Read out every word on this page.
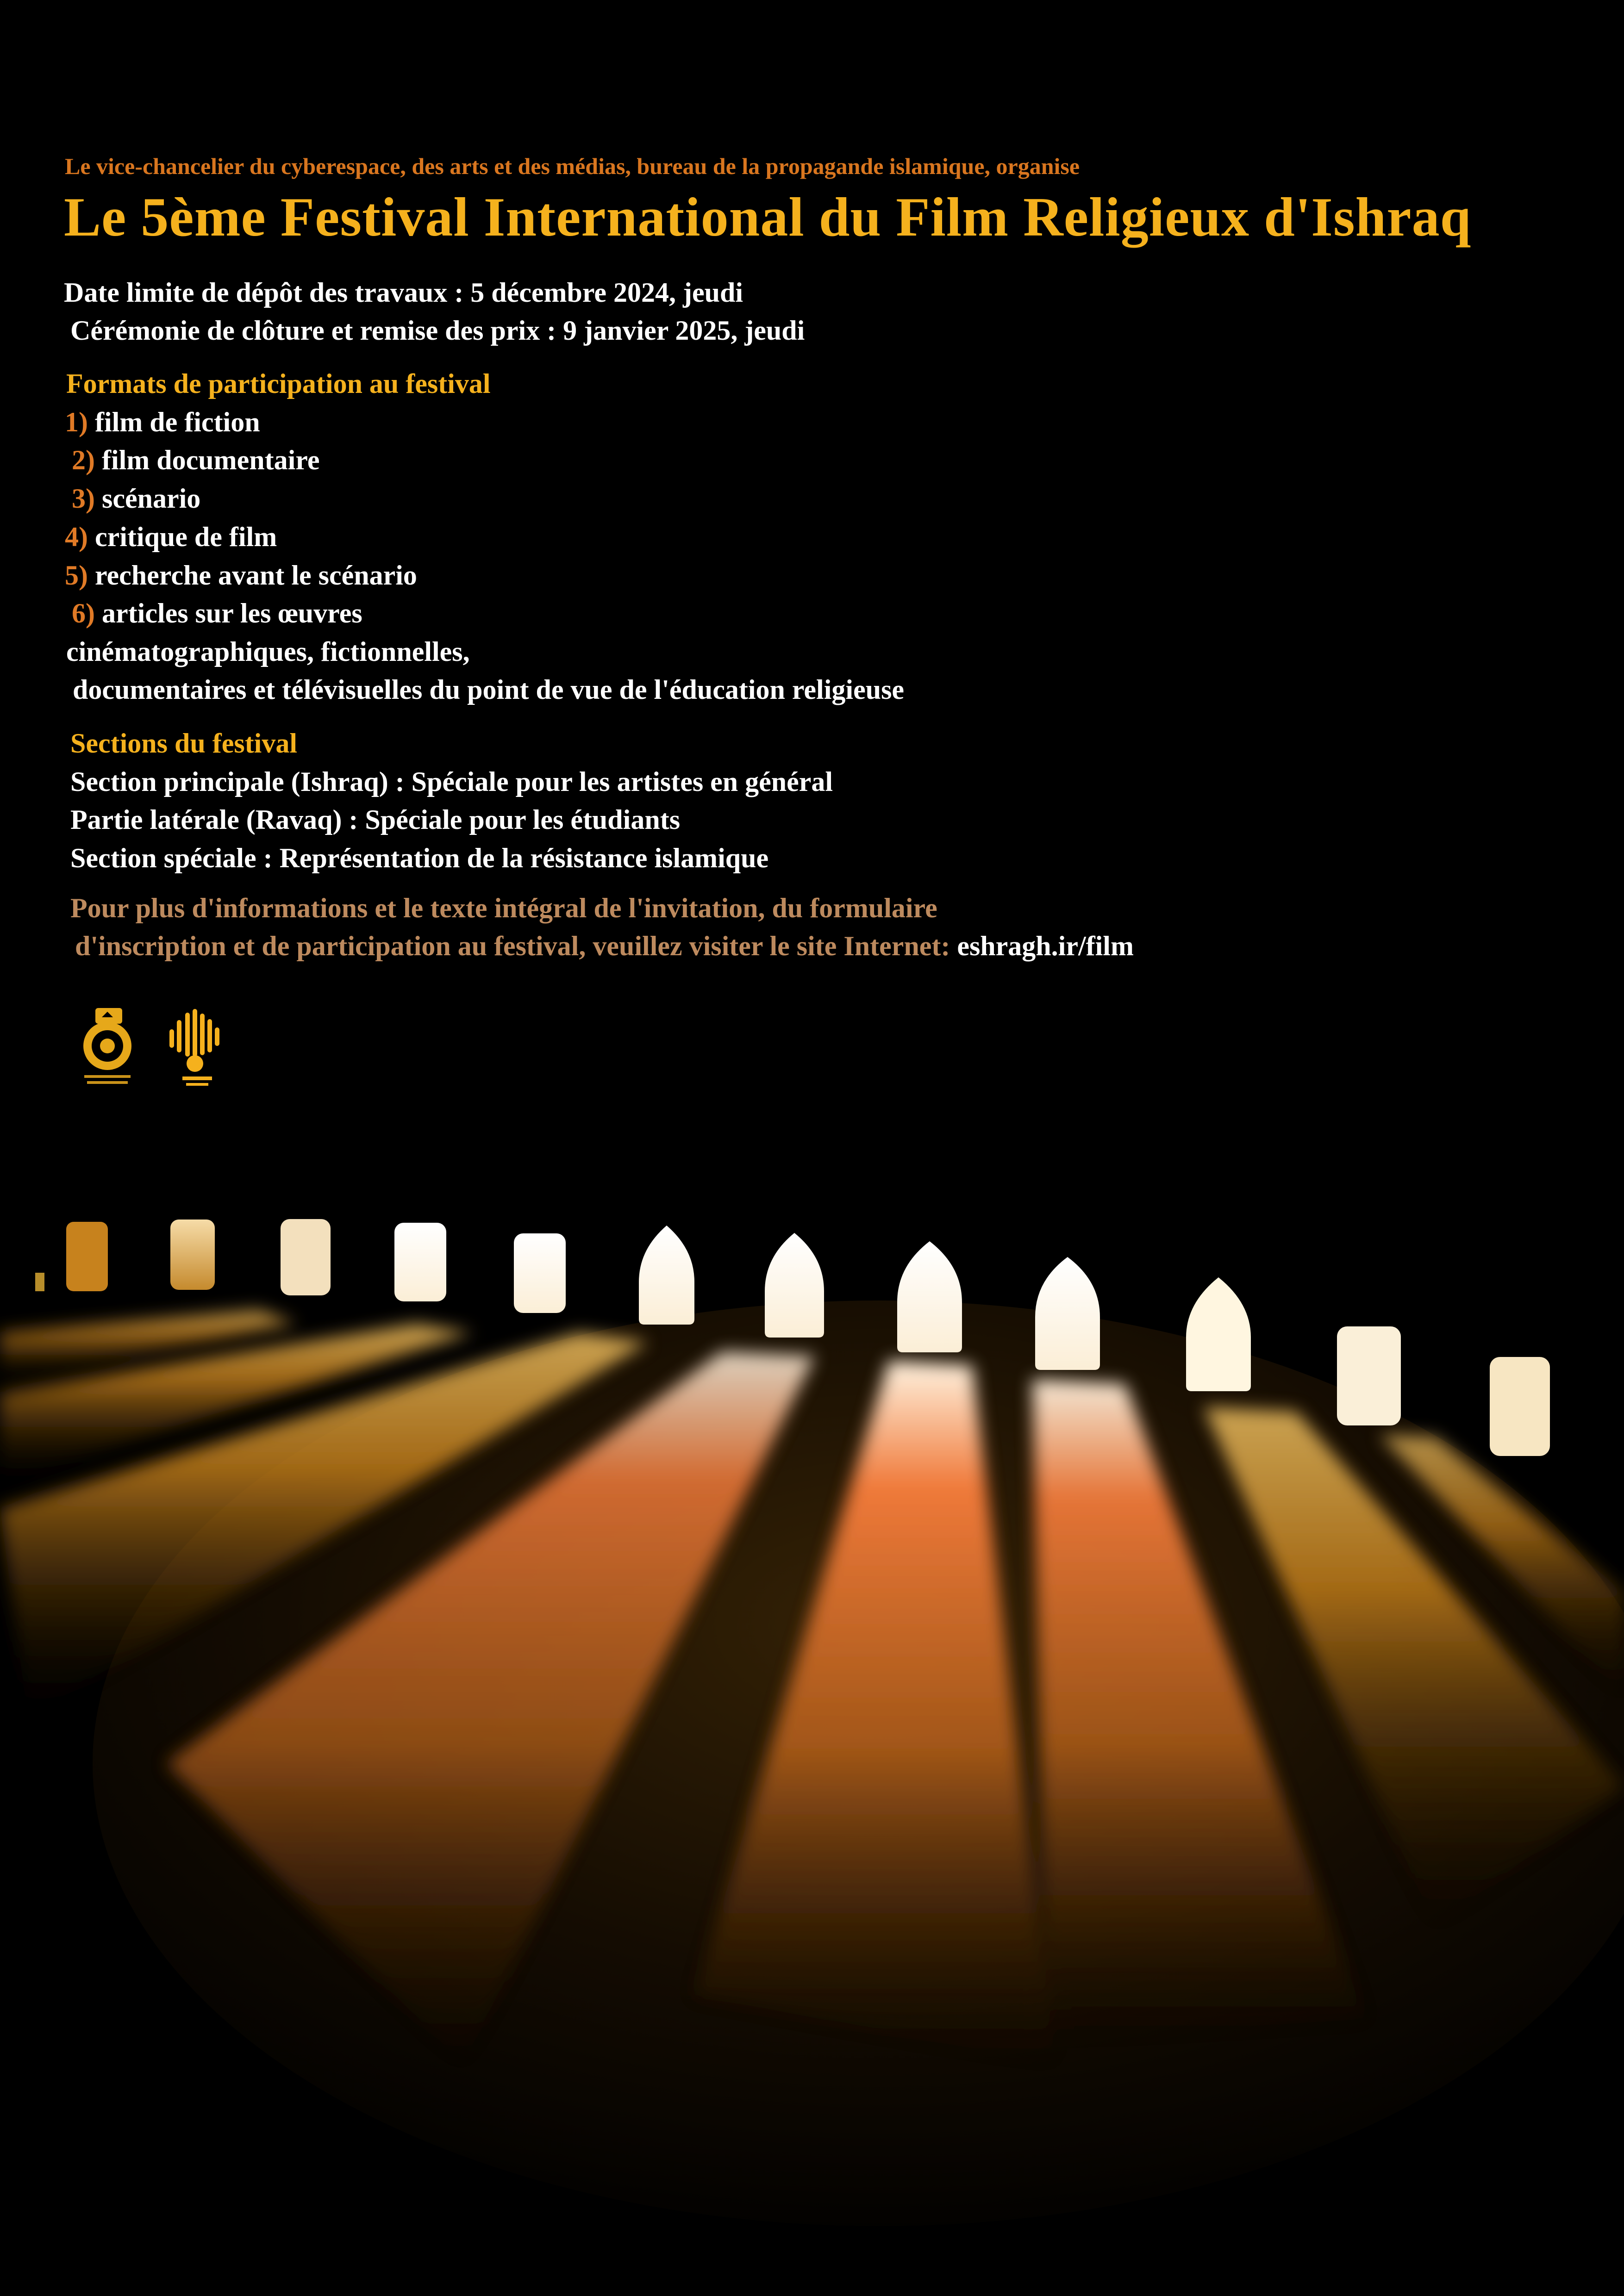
Le vice-chancelier du cyberespace, des arts et des médias, bureau de la propagande islamique, organise
Le 5ème Festival International du Film Religieux d'Ishraq
Date limite de dépôt des travaux : 5 décembre 2024, jeudi
Cérémonie de clôture et remise des prix : 9 janvier 2025, jeudi
Formats de participation au festival
1) film de fiction
2) film documentaire
3) scénario
4) critique de film
5) recherche avant le scénario
6) articles sur les œuvres
cinématographiques, fictionnelles,
documentaires et télévisuelles du point de vue de l'éducation religieuse
Sections du festival
Section principale (Ishraq) : Spéciale pour les artistes en général
Partie latérale (Ravaq) : Spéciale pour les étudiants
Section spéciale : Représentation de la résistance islamique
Pour plus d'informations et le texte intégral de l'invitation, du formulaire
d'inscription et de participation au festival, veuillez visiter le site Internet: eshragh.ir/film
